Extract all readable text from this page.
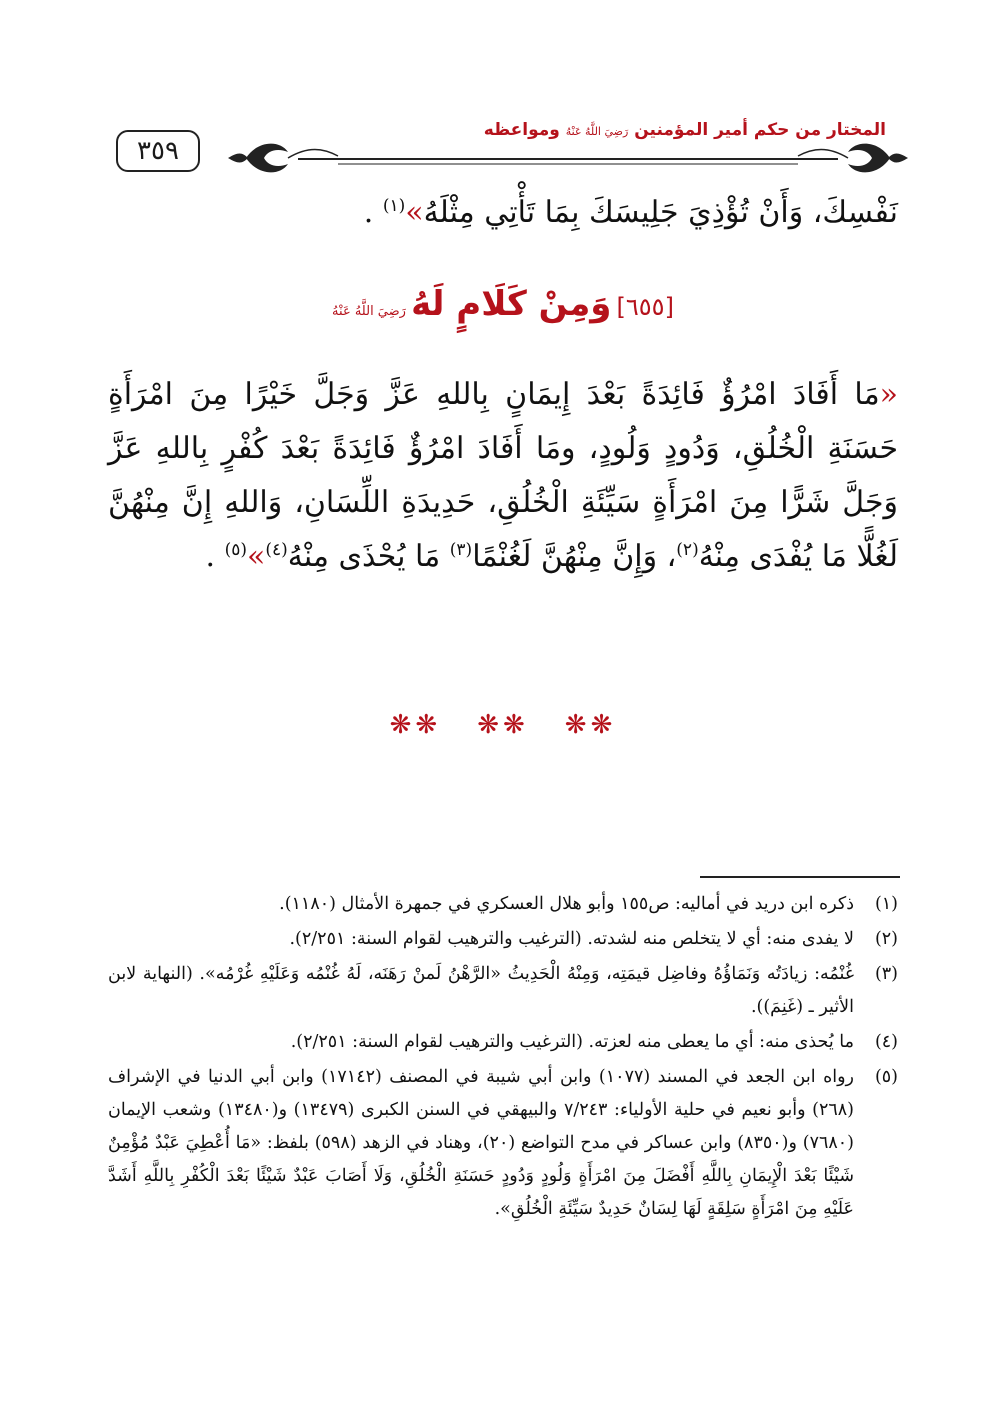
٣٥٩
المختار من حكم أمير المؤمنين رَضِيَ اللَّهُ عَنْهُ ومواعظه
نَفْسِكَ، وَأَنْ تُؤْذِيَ جَلِيسَكَ بِمَا تَأْتِي مِثْلَهُ»$^{(١)}$ .
[٦٥٥] وَمِنْ كَلَامٍ لَهُ رَضِيَ اللَّهُ عَنْهُ
«مَا أَفَادَ امْرُؤٌ فَائِدَةً بَعْدَ إِيمَانٍ بِاللهِ عَزَّ وَجَلَّ خَيْرًا مِنَ امْرَأَةٍ حَسَنَةِ الْخُلُقِ، وَدُودٍ وَلُودٍ، ومَا أَفَادَ امْرُؤٌ فَائِدَةً بَعْدَ كُفْرٍ بِاللهِ عَزَّ وَجَلَّ شَرًّا مِنَ امْرَأَةٍ سَيِّئَةِ الْخُلُقِ، حَدِيدَةِ اللِّسَانِ، وَاللهِ إِنَّ مِنْهُنَّ لَغُلًّا مَا يُفْدَى مِنْهُ$^{(٢)}$، وَإِنَّ مِنْهُنَّ لَغُنْمًا$^{(٣)}$ مَا يُحْذَى مِنْهُ$^{(٤)}$»$^{(٥)}$ .
❋❋ ❋❋ ❋❋
(١)
ذكره ابن دريد في أماليه: ص١٥٥ وأبو هلال العسكري في جمهرة الأمثال (١١٨٠).
(٢)
لا يفدى منه: أي لا يتخلص منه لشدته. (الترغيب والترهيب لقوام السنة: ٢/٢٥١).
(٣)
غُنْمُه: زيادَتُه وَنَمَاؤُهُ وفاضِل قيمَتِه، وَمِنْهُ الْحَدِيثُ «الرَّهْنُ لَمنْ رَهَنَه، لَهُ غُنْمُه وَعَلَيْهِ غُرْمُه». (النهاية لابن الأثير ـ (غَنِمَ)).
(٤)
ما يُحذى منه: أي ما يعطى منه لعزته. (الترغيب والترهيب لقوام السنة: ٢/٢٥١).
(٥)
رواه ابن الجعد في المسند (١٠٧٧) وابن أبي شيبة في المصنف (١٧١٤٢) وابن أبي الدنيا في الإشراف (٢٦٨) وأبو نعيم في حلية الأولياء: ٧/٢٤٣ والبيهقي في السنن الكبرى (١٣٤٧٩) و(١٣٤٨٠) وشعب الإيمان (٧٦٨٠) و(٨٣٥٠) وابن عساكر في مدح التواضع (٢٠)، وهناد في الزهد (٥٩٨) بلفظ: «مَا أُعْطِيَ عَبْدٌ مُؤْمِنٌ شَيْئًا بَعْدَ الْإِيمَانِ بِاللَّهِ أَفْضَلَ مِنَ امْرَأَةٍ وَلُودٍ وَدُودٍ حَسَنَةِ الْخُلُقِ، وَلَا أَصَابَ عَبْدٌ شَيْئًا بَعْدَ الْكُفْرِ بِاللَّهِ أَشَدَّ عَلَيْهِ مِنَ امْرَأَةٍ سَلِقَةٍ لَهَا لِسَانٌ حَدِيدٌ سَيِّئَةِ الْخُلُقِ».
